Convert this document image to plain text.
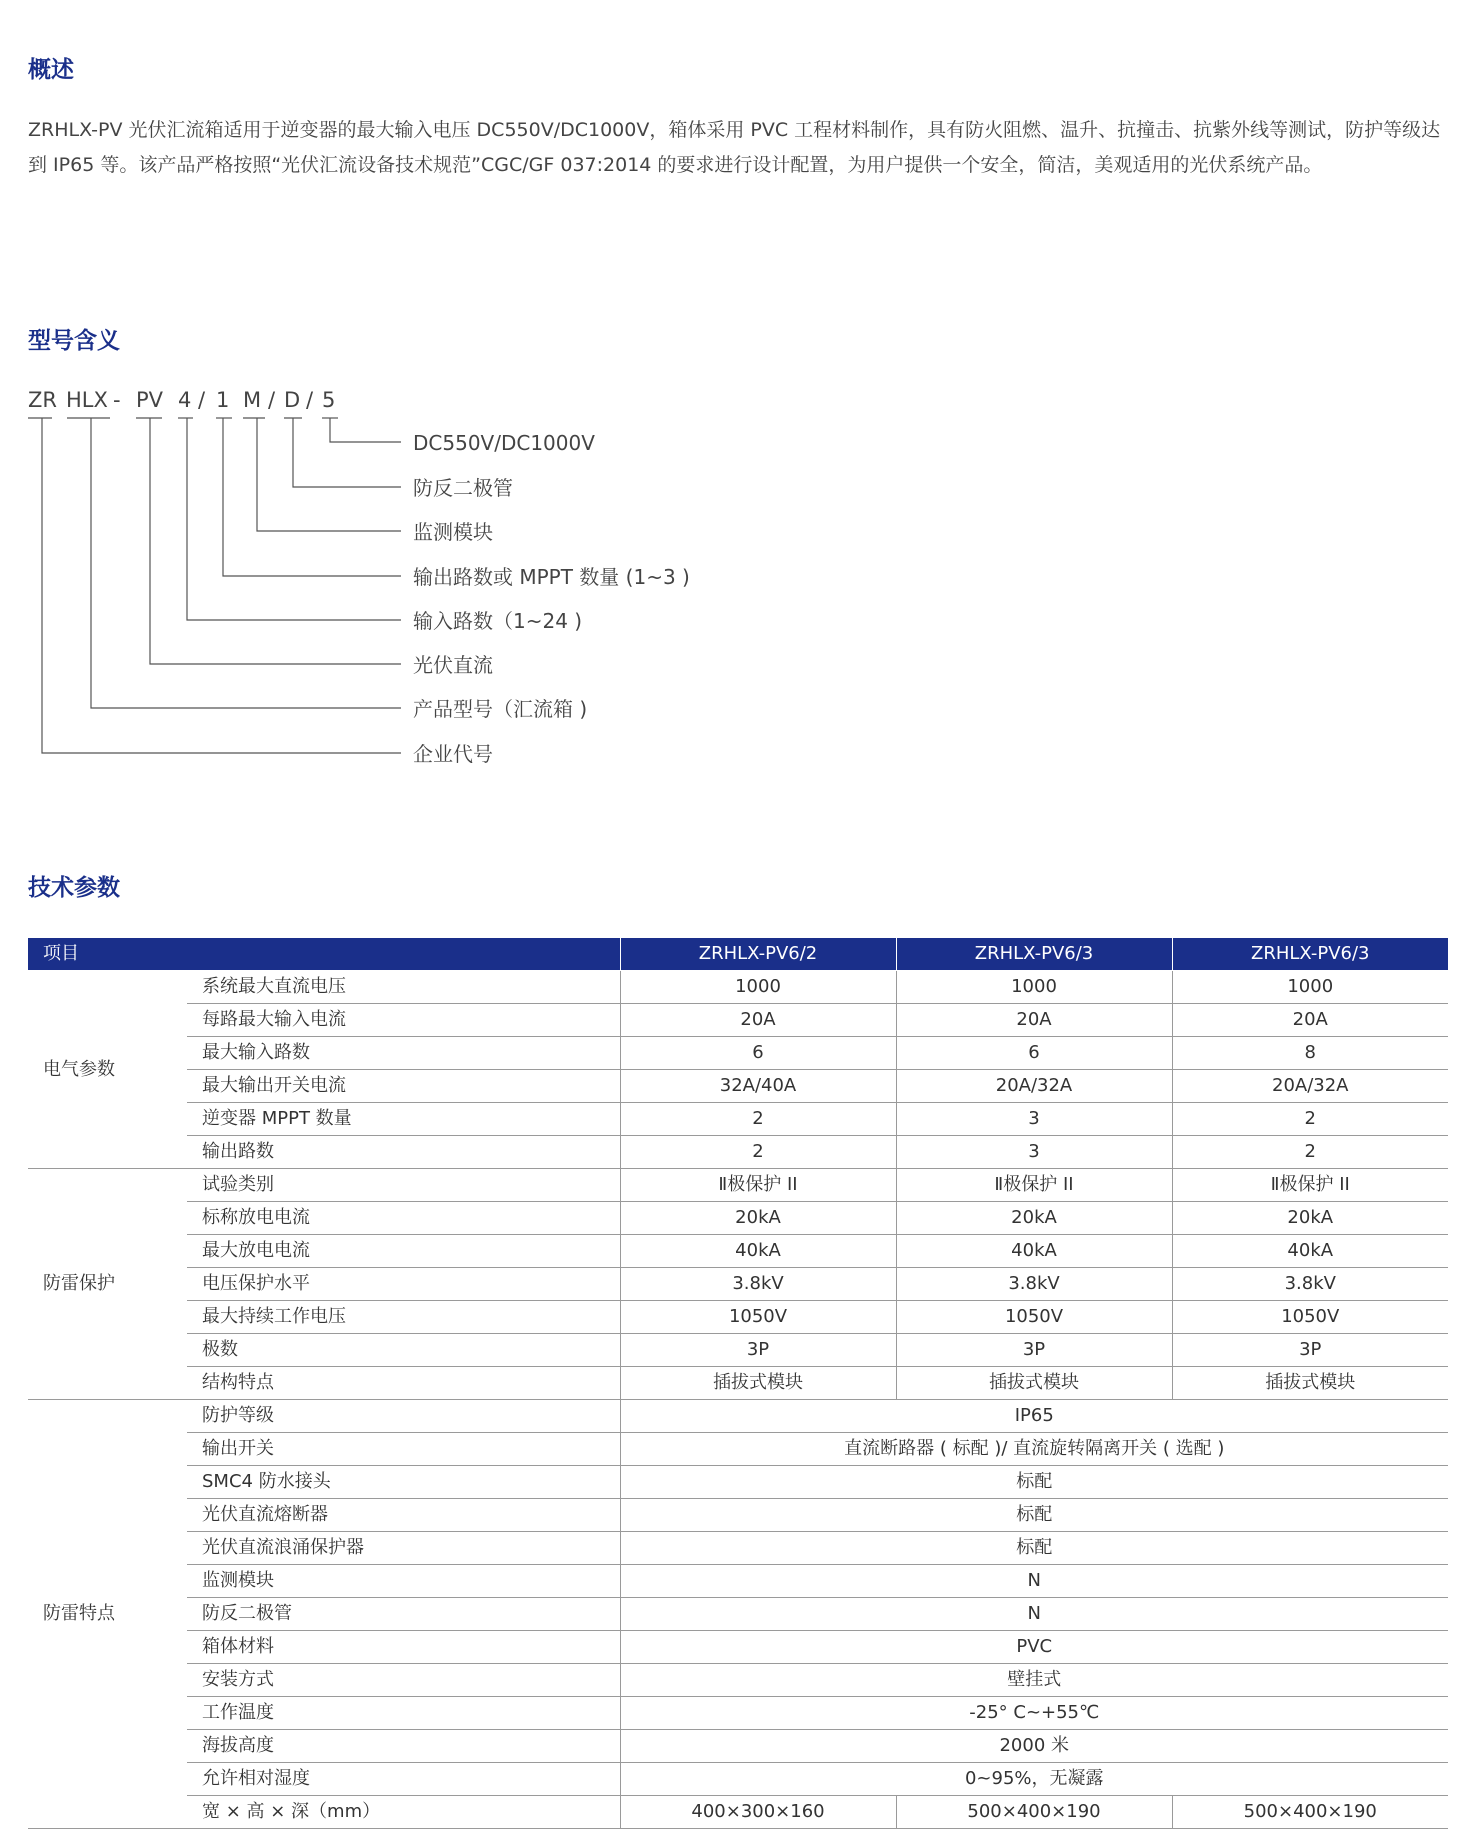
概述

ZRHLX-PV 光伏汇流箱适用于逆变器的最大输入电压 DC550V/DC1000V，箱体采用 PVC 工程材料制作，具有防火阻燃、温升、抗撞击、抗紫外线等测试，防护等级达到 IP65 等。该产品严格按照“光伏汇流设备技术规范”CGC/GF 037:2014 的要求进行设计配置，为用户提供一个安全，简洁，美观适用的光伏系统产品。

型号含义
ZR HLX - PV 4 / 1 M / D / 5
DC550V/DC1000V
防反二极管
监测模块
输出路数或 MPPT 数量 (1~3 )
输入路数（1~24 )
光伏直流
产品型号（汇流箱 )
企业代号
技术参数
项目		ZRHLX-PV6/2	ZRHLX-PV6/3	ZRHLX-PV6/3
电气参数	系统最大直流电压	1000	1000	1000
	每路最大输入电流	20A	20A	20A
	最大输入路数	6	6	8
	最大输出开关电流	32A/40A	20A/32A	20A/32A
	逆变器 MPPT 数量	2	3	2
	输出路数	2	3	2
防雷保护	试验类别	Ⅱ极保护 II	Ⅱ极保护 II	Ⅱ极保护 II
	标称放电电流	20kA	20kA	20kA
	最大放电电流	40kA	40kA	40kA
	电压保护水平	3.8kV	3.8kV	3.8kV
	最大持续工作电压	1050V	1050V	1050V
	极数	3P	3P	3P
	结构特点	插拔式模块	插拔式模块	插拔式模块
防雷特点	防护等级	IP65		
	输出开关	直流断路器 ( 标配 )/ 直流旋转隔离开关 ( 选配 )		
	SMC4 防水接头	标配		
	光伏直流熔断器	标配		
	光伏直流浪涌保护器	标配		
	监测模块	N		
	防反二极管	N		
	箱体材料	PVC		
	安装方式	壁挂式		
	工作温度	-25° C~+55℃		
	海拔高度	2000 米		
	允许相对湿度	0~95%，无凝露		
	宽 × 高 × 深（mm）	400×300×160	500×400×190	500×400×190
